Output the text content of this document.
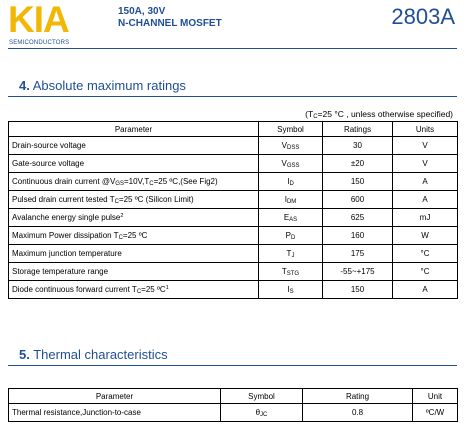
KIA
SEMICONDUCTORS
150A, 30V
N-CHANNEL MOSFET	2803A
4. Absolute maximum ratings
($T_C=25$ °C , unless otherwise specified)
Parameter	Symbol	Ratings	Units
Drain-source voltage	$V_{DSS}$	30	V
Gate-source voltage	$V_{GSS}$	±20	V
Continuous drain current $@V_{GS}=10V,T_C=25$ ºC,(See Fig2)	$I_D$	150	A
Pulsed drain current tested $T_C=25$ ºC (Silicon Limit)	$I_{DM}$	600	A
Avalanche energy single pulse$^2$	$E_{AS}$	625	mJ
Maximum Power dissipation $T_C=25$ ºC	$P_D$	160	W
Maximum junction temperature	$T_J$	175	°C
Storage temperature range	$T_{STG}$	-55~+175	°C
Diode continuous forward current $T_C=25$ ºC$^1$	$I_S$	150	A
5. Thermal characteristics
Parameter	Symbol	Rating	Unit
Thermal resistance,Junction-to-case	$\theta_{JC}$	0.8	ºC/W
